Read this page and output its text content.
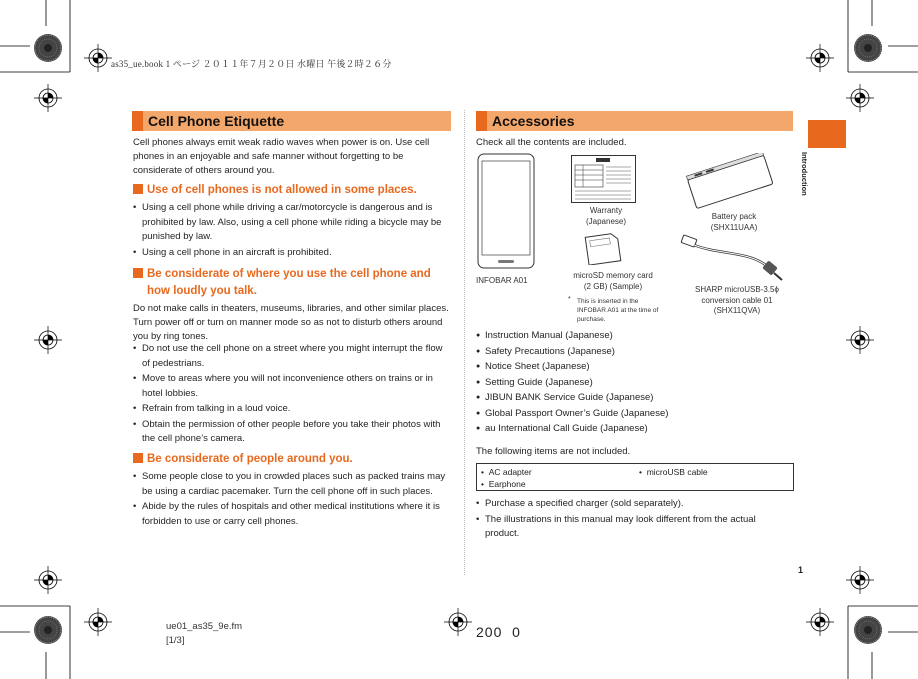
as35_ue.book 1 ページ ２０１１年７月２０日 水曜日 午後２時２６分
Introduction
Cell Phone Etiquette
Cell phones always emit weak radio waves when power is on. Use cell phones in an enjoyable and safe manner without forgetting to be considerate of others around you.
Use of cell phones is not allowed in some places.
• Using a cell phone while driving a car/motorcycle is dangerous and is prohibited by law. Also, using a cell phone while riding a bicycle may be punished by law.
• Using a cell phone in an aircraft is prohibited.
Be considerate of where you use the cell phone and how loudly you talk.
Do not make calls in theaters, museums, libraries, and other similar places. Turn power off or turn on manner mode so as not to disturb others around you by ring tones.
• Do not use the cell phone on a street where you might interrupt the flow of pedestrians.
• Move to areas where you will not inconvenience others on trains or in hotel lobbies.
• Refrain from talking in a loud voice.
• Obtain the permission of other people before you take their photos with the cell phone’s camera.
Be considerate of people around you.
• Some people close to you in crowded places such as packed trains may be using a cardiac pacemaker. Turn the cell phone off in such places.
• Abide by the rules of hospitals and other medical institutions where it is forbidden to use or carry cell phones.
Accessories
Check all the contents are included.
INFOBAR A01
Warranty
(Japanese)
microSD memory card
(2 GB) (Sample)
* This is inserted in the INFOBAR A01 at the time of purchase.
Battery pack
(SHX11UAA)
SHARP microUSB-3.5ϕ
conversion cable 01
(SHX11QVA)
● Instruction Manual (Japanese)
● Safety Precautions (Japanese)
● Notice Sheet (Japanese)
● Setting Guide (Japanese)
● JIBUN BANK Service Guide (Japanese)
● Global Passport Owner’s Guide (Japanese)
● au International Call Guide (Japanese)
The following items are not included.
•  AC adapter	•  microUSB cable
•  Earphone
• Purchase a specified charger (sold separately).
• The illustrations in this manual may look different from the actual product.
1
ue01_as35_9e.fm
[1/3]
200  0
